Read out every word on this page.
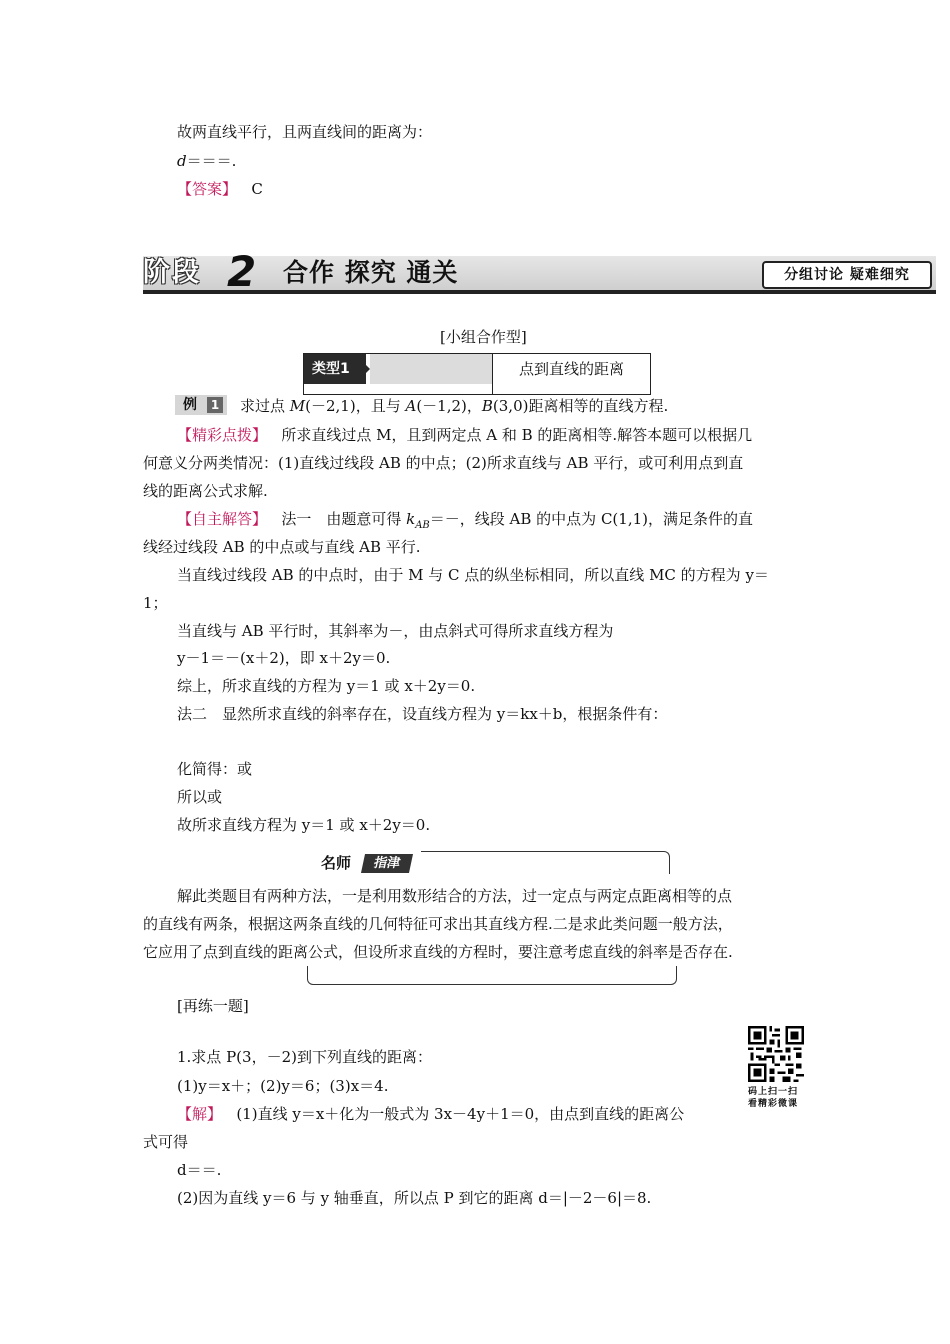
故两直线平行，且两直线间的距离为：
d＝＝＝.
【答案】 C
阶段 2 合作 探究 通关	分组讨论 疑难细究
[小组合作型]
类型1	点到直线的距离
例	1 求过点 M(－2,1)，且与 A(－1,2)，B(3,0)距离相等的直线方程.
【精彩点拨】 所求直线过点 M，且到两定点 A 和 B 的距离相等.解答本题可以根据几
何意义分两类情况：(1)直线过线段 AB 的中点；(2)所求直线与 AB 平行，或可利用点到直
线的距离公式求解.
【自主解答】 法一　由题意可得 $k_{AB}=-$，线段 AB 的中点为 C(1,1)，满足条件的直
线经过线段 AB 的中点或与直线 AB 平行.
当直线过线段 AB 的中点时，由于 M 与 C 点的纵坐标相同，所以直线 MC 的方程为 y＝
1；
当直线与 AB 平行时，其斜率为－，由点斜式可得所求直线方程为
y－1＝－(x＋2)，即 x＋2y＝0.
综上，所求直线的方程为 y＝1 或 x＋2y＝0.
法二　显然所求直线的斜率存在，设直线方程为 y＝kx＋b，根据条件有：
化简得：或
所以或
故所求直线方程为 y＝1 或 x＋2y＝0.
名师	指津
解此类题目有两种方法，一是利用数形结合的方法，过一定点与两定点距离相等的点
的直线有两条，根据这两条直线的几何特征可求出其直线方程.二是求此类问题一般方法，
它应用了点到直线的距离公式，但设所求直线的方程时，要注意考虑直线的斜率是否存在.
[再练一题]
1.求点 P(3，－2)到下列直线的距离：
(1)y＝x＋；(2)y＝6；(3)x＝4.
【解】 (1)直线 y＝x＋化为一般式为 3x－4y＋1＝0，由点到直线的距离公
式可得
d＝＝.
(2)因为直线 y＝6 与 y 轴垂直，所以点 P 到它的距离 d＝|－2－6|＝8.
码上扫一扫
看精彩微课
